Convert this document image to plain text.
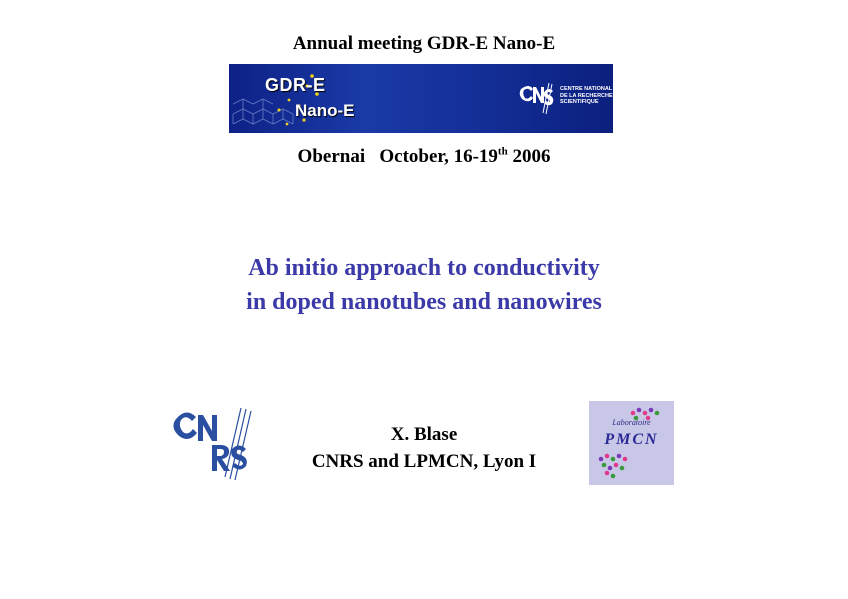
Annual meeting GDR-E Nano-E
GDR-E
Nano-E
CENTRE NATIONAL
DE LA RECHERCHE
SCIENTIFIQUE
Obernai October, 16-19th 2006
Ab initio approach to conductivity
in doped nanotubes and nanowires
X. Blase
CNRS and LPMCN, Lyon I
Laboratoire
PMCN
